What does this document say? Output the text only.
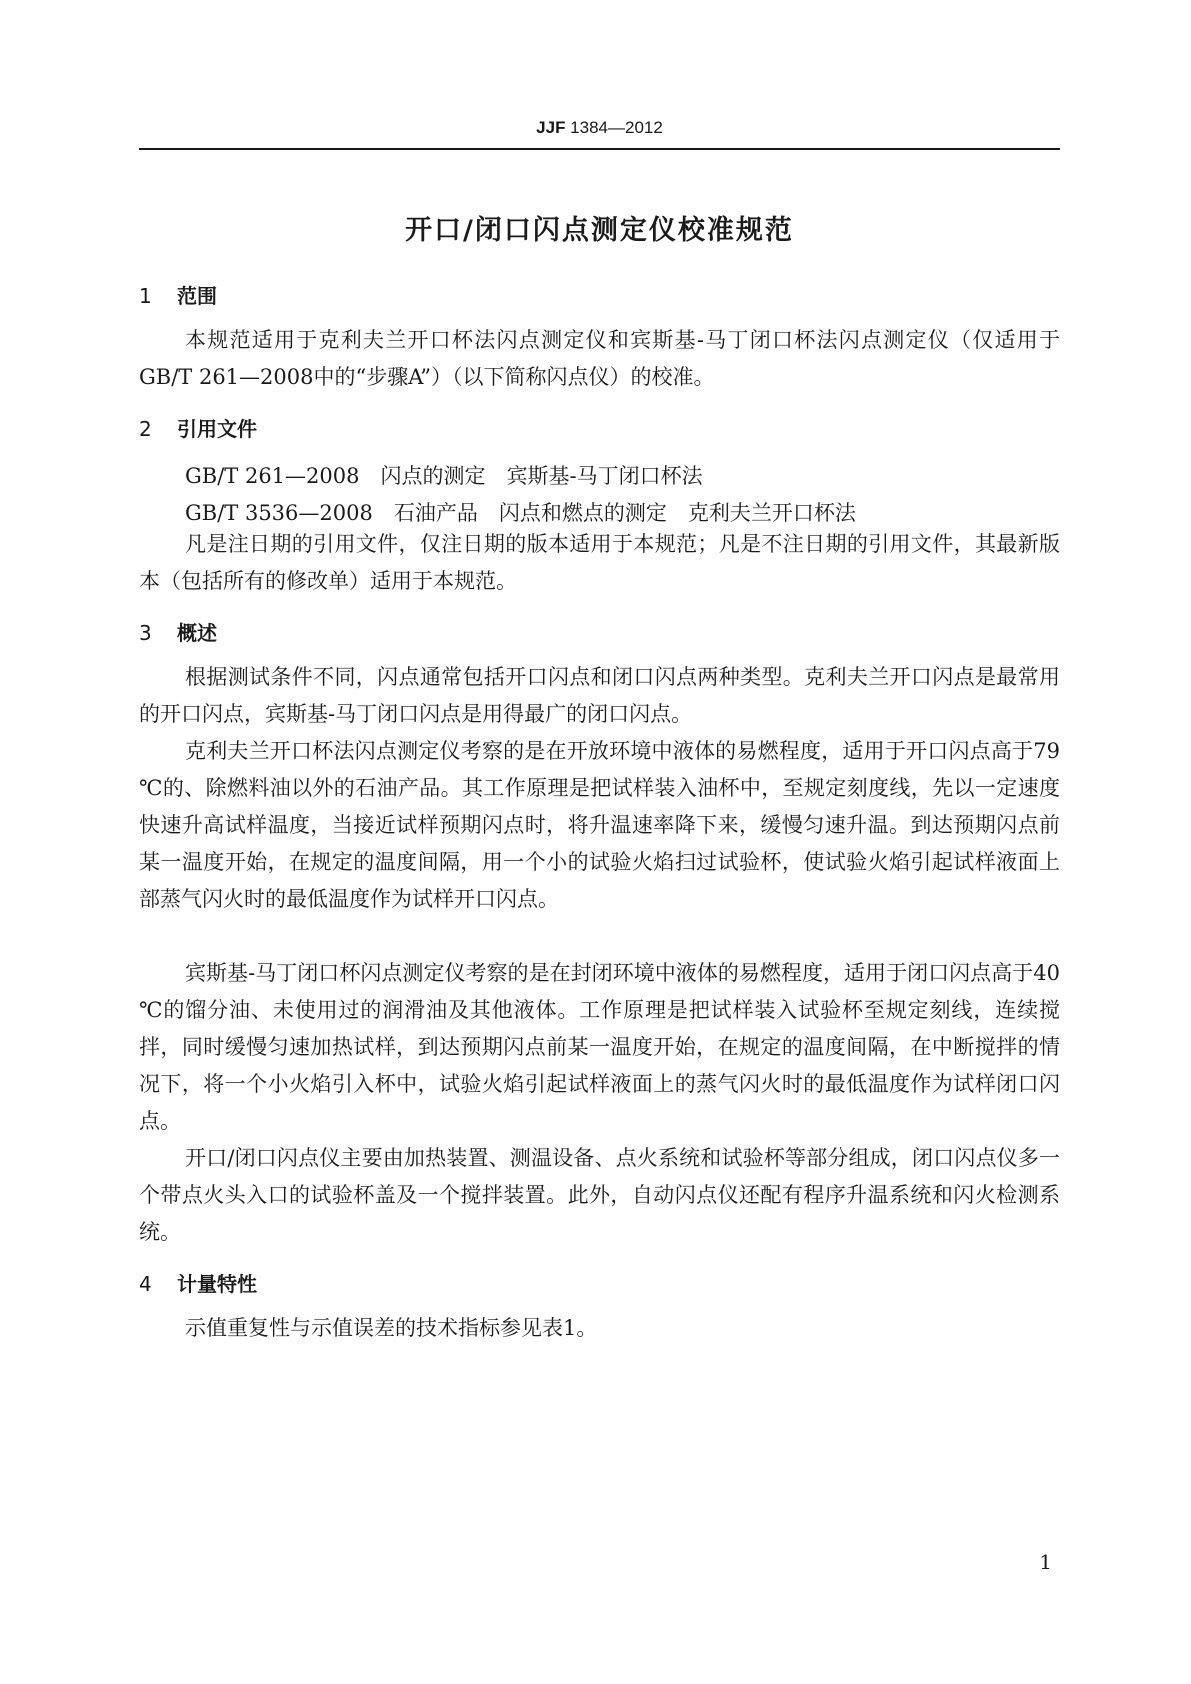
JJF 1384—2012
开口/闭口闪点测定仪校准规范
1 范围
本规范适用于克利夫兰开口杯法闪点测定仪和宾斯基-马丁闭口杯法闪点测定仪（仅适用于GB/T 261—2008中的“步骤A”）（以下简称闪点仪）的校准。
2 引用文件
GB/T 261—2008　闪点的测定　宾斯基-马丁闭口杯法
GB/T 3536—2008　石油产品　闪点和燃点的测定　克利夫兰开口杯法
凡是注日期的引用文件，仅注日期的版本适用于本规范；凡是不注日期的引用文件，其最新版本（包括所有的修改单）适用于本规范。
3 概述
根据测试条件不同，闪点通常包括开口闪点和闭口闪点两种类型。克利夫兰开口闪点是最常用的开口闪点，宾斯基-马丁闭口闪点是用得最广的闭口闪点。
克利夫兰开口杯法闪点测定仪考察的是在开放环境中液体的易燃程度，适用于开口闪点高于79 ℃的、除燃料油以外的石油产品。其工作原理是把试样装入油杯中，至规定刻度线，先以一定速度快速升高试样温度，当接近试样预期闪点时，将升温速率降下来，缓慢匀速升温。到达预期闪点前某一温度开始，在规定的温度间隔，用一个小的试验火焰扫过试验杯，使试验火焰引起试样液面上部蒸气闪火时的最低温度作为试样开口闪点。
宾斯基-马丁闭口杯闪点测定仪考察的是在封闭环境中液体的易燃程度，适用于闭口闪点高于40 ℃的馏分油、未使用过的润滑油及其他液体。工作原理是把试样装入试验杯至规定刻线，连续搅拌，同时缓慢匀速加热试样，到达预期闪点前某一温度开始，在规定的温度间隔，在中断搅拌的情况下，将一个小火焰引入杯中，试验火焰引起试样液面上的蒸气闪火时的最低温度作为试样闭口闪点。
开口/闭口闪点仪主要由加热装置、测温设备、点火系统和试验杯等部分组成，闭口闪点仪多一个带点火头入口的试验杯盖及一个搅拌装置。此外，自动闪点仪还配有程序升温系统和闪火检测系统。
4 计量特性
示值重复性与示值误差的技术指标参见表1。
1
